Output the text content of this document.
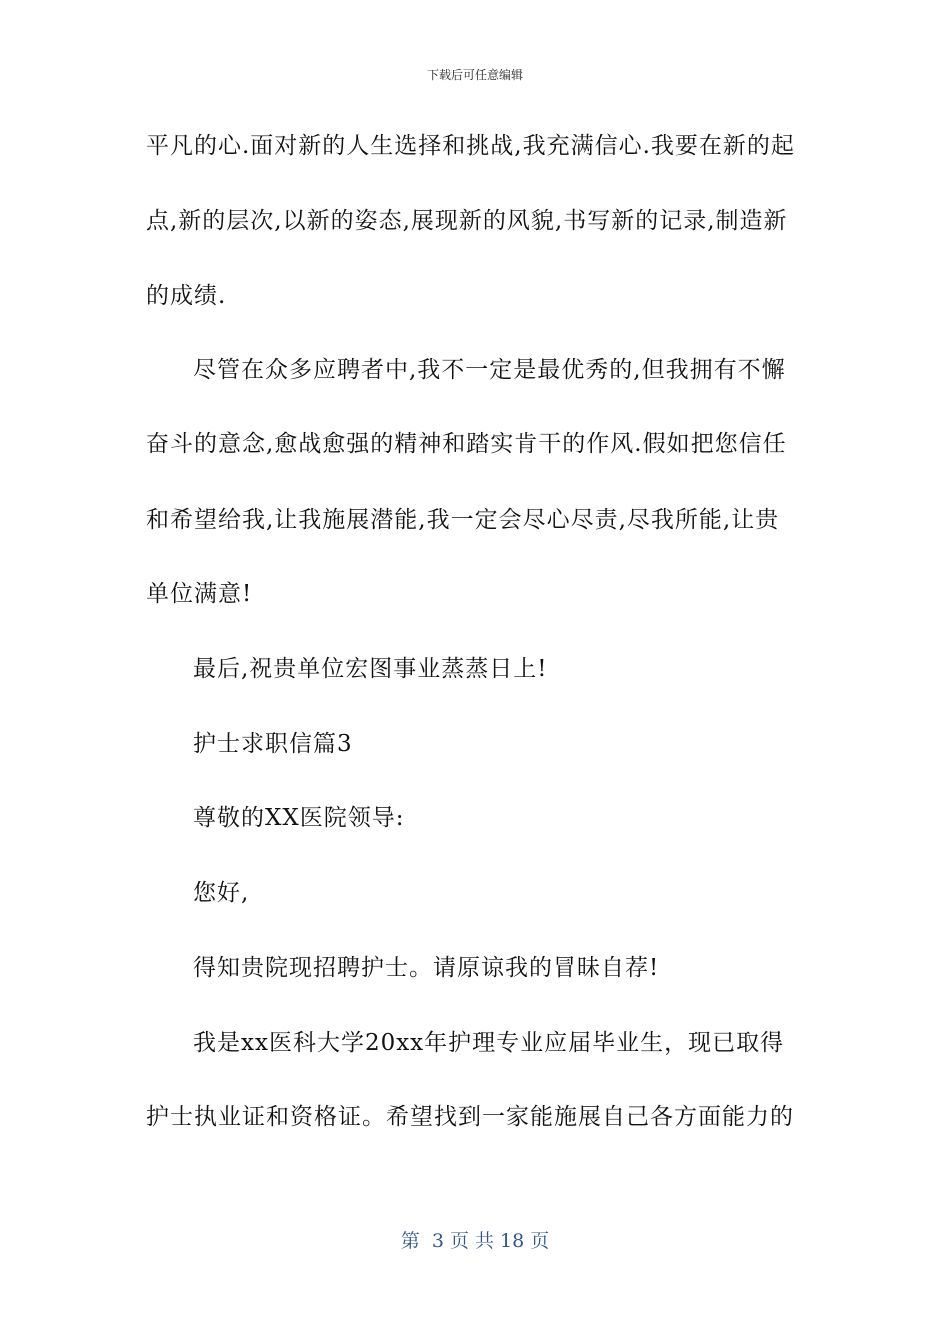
下载后可任意编辑
平凡的心.面对新的人生选择和挑战,我充满信心.我要在新的起
点,新的层次,以新的姿态,展现新的风貌,书写新的记录,制造新
的成绩.
尽管在众多应聘者中,我不一定是最优秀的,但我拥有不懈
奋斗的意念,愈战愈强的精神和踏实肯干的作风.假如把您信任
和希望给我,让我施展潜能,我一定会尽心尽责,尽我所能,让贵
单位满意!
最后,祝贵单位宏图事业蒸蒸日上!
护士求职信篇3
尊敬的XX医院领导:
您好,
得知贵院现招聘护士。请原谅我的冒昧自荐!
我是xx医科大学20xx年护理专业应届毕业生，现已取得
护士执业证和资格证。希望找到一家能施展自己各方面能力的
第  3 页 共 18 页
